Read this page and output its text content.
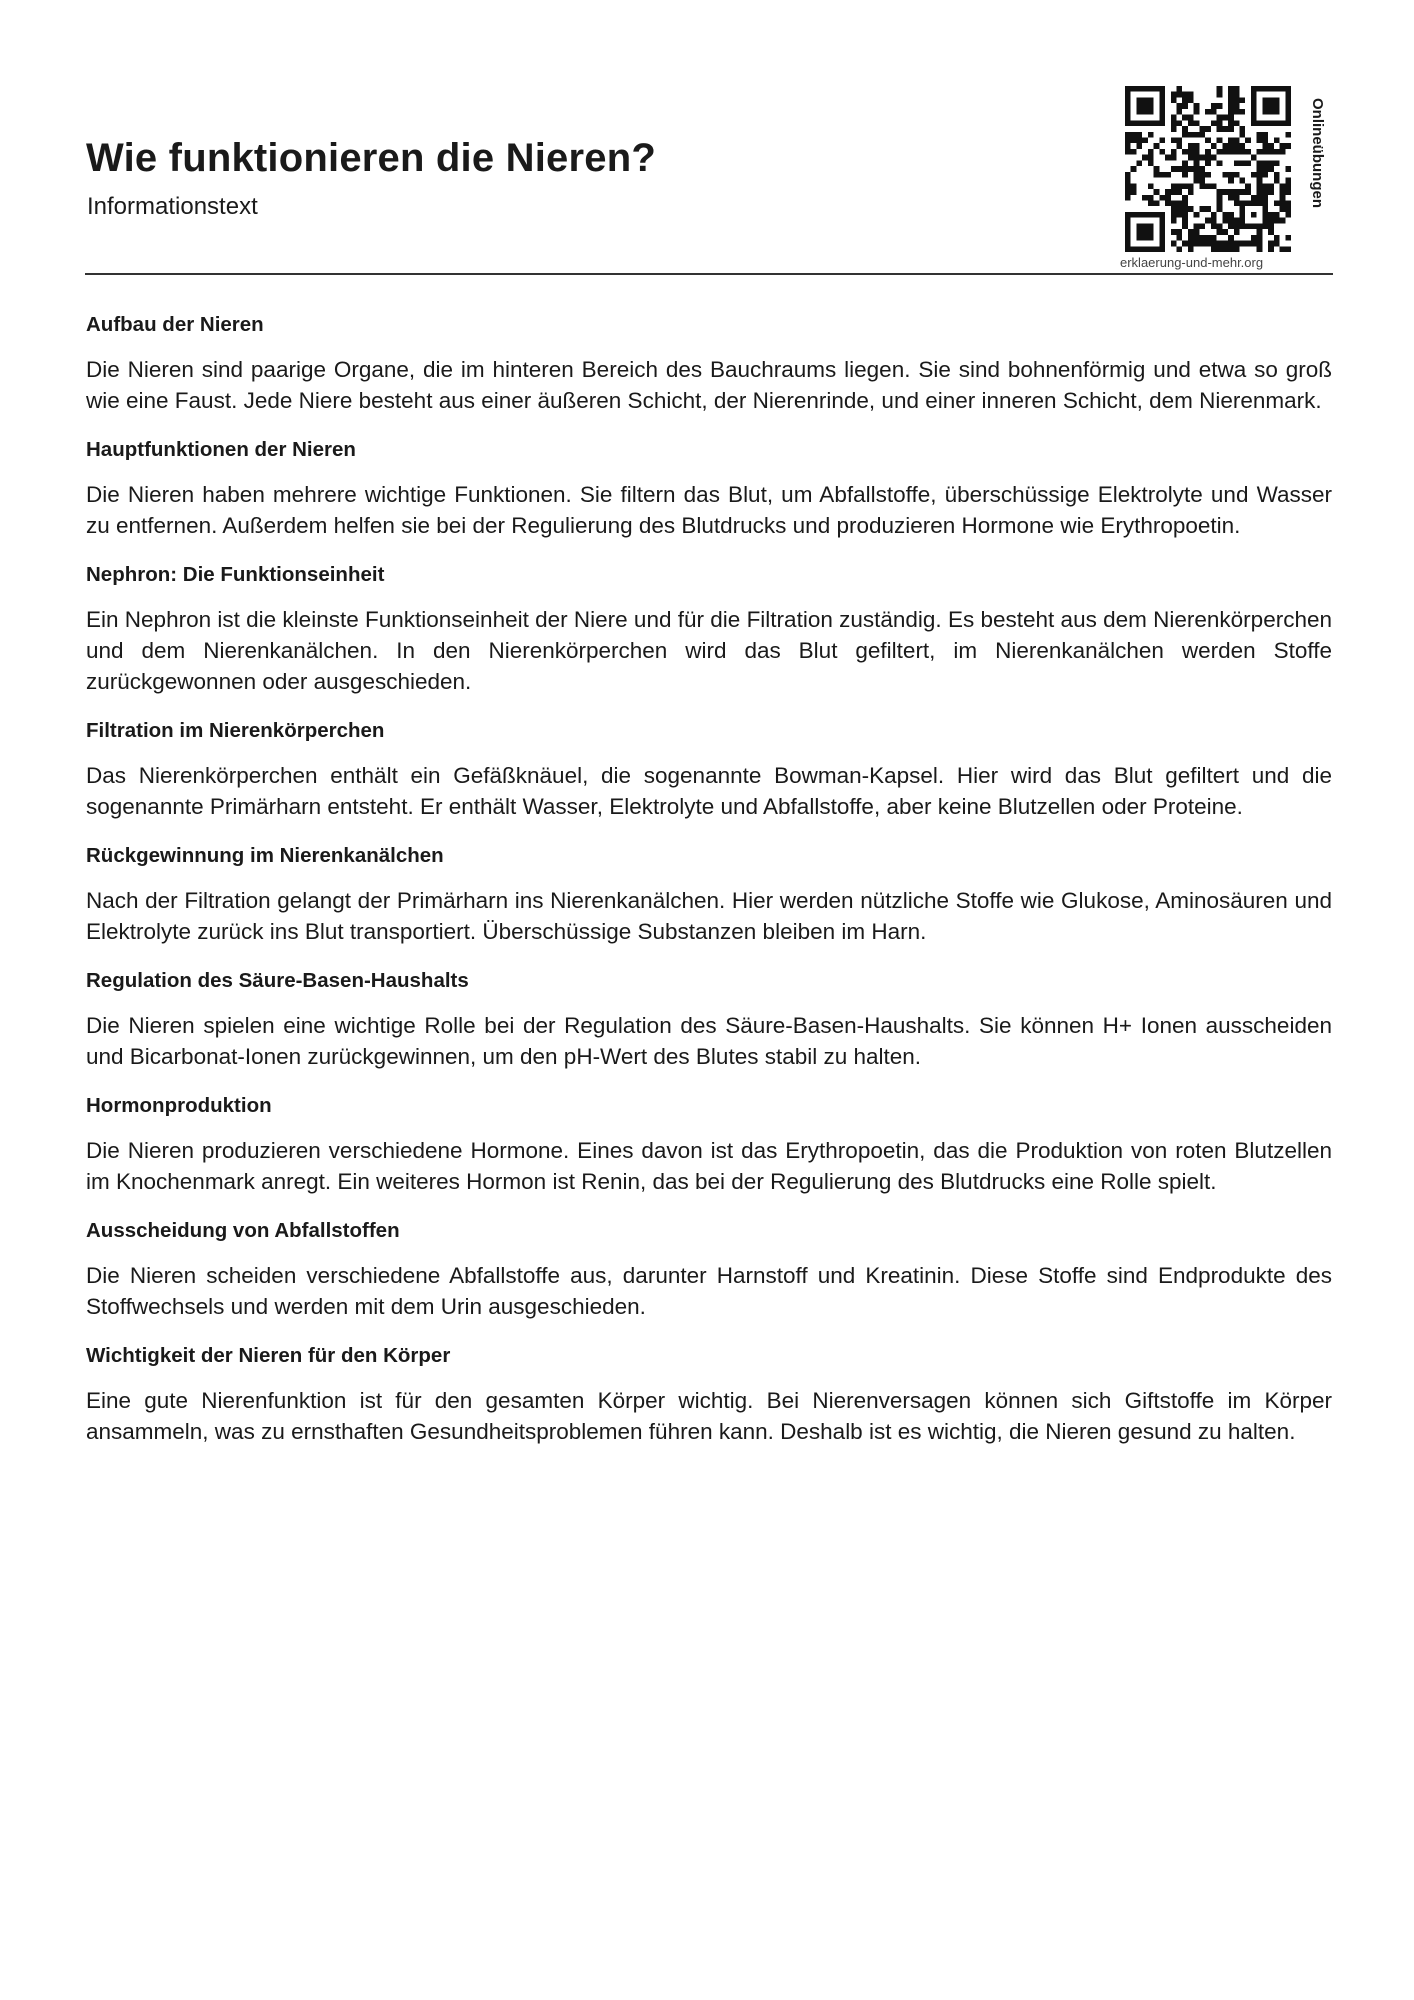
Wie funktionieren die Nieren?
Informationstext	Onlineübungen
erklaerung-und-mehr.org
Aufbau der Nieren

Die Nieren sind paarige Organe, die im hinteren Bereich des Bauchraums liegen. Sie sind bohnenförmig und etwa so groß wie eine Faust. Jede Niere besteht aus einer äußeren Schicht, der Nierenrinde, und einer inneren Schicht, dem Nierenmark.

Hauptfunktionen der Nieren

Die Nieren haben mehrere wichtige Funktionen. Sie filtern das Blut, um Abfallstoffe, überschüssige Elektrolyte und Wasser zu entfernen. Außerdem helfen sie bei der Regulierung des Blutdrucks und produzieren Hormone wie Erythropoetin.

Nephron: Die Funktionseinheit

Ein Nephron ist die kleinste Funktionseinheit der Niere und für die Filtration zuständig. Es besteht aus dem Nierenkörperchen und dem Nierenkanälchen. In den Nierenkörperchen wird das Blut gefiltert, im Nierenkanälchen werden Stoffe zurückgewonnen oder ausgeschieden.

Filtration im Nierenkörperchen

Das Nierenkörperchen enthält ein Gefäßknäuel, die sogenannte Bowman-Kapsel. Hier wird das Blut gefiltert und die sogenannte Primärharn entsteht. Er enthält Wasser, Elektrolyte und Abfallstoffe, aber keine Blutzellen oder Proteine.

Rückgewinnung im Nierenkanälchen

Nach der Filtration gelangt der Primärharn ins Nierenkanälchen. Hier werden nützliche Stoffe wie Glukose, Aminosäuren und Elektrolyte zurück ins Blut transportiert. Überschüssige Substanzen bleiben im Harn.

Regulation des Säure-Basen-Haushalts

Die Nieren spielen eine wichtige Rolle bei der Regulation des Säure-Basen-Haushalts. Sie können H+ Ionen ausscheiden und Bicarbonat-Ionen zurückgewinnen, um den pH-Wert des Blutes stabil zu halten.

Hormonproduktion

Die Nieren produzieren verschiedene Hormone. Eines davon ist das Erythropoetin, das die Produktion von roten Blutzellen im Knochenmark anregt. Ein weiteres Hormon ist Renin, das bei der Regulierung des Blutdrucks eine Rolle spielt.

Ausscheidung von Abfallstoffen

Die Nieren scheiden verschiedene Abfallstoffe aus, darunter Harnstoff und Kreatinin. Diese Stoffe sind Endprodukte des Stoffwechsels und werden mit dem Urin ausgeschieden.

Wichtigkeit der Nieren für den Körper

Eine gute Nierenfunktion ist für den gesamten Körper wichtig. Bei Nierenversagen können sich Giftstoffe im Körper ansammeln, was zu ernsthaften Gesundheitsproblemen führen kann. Deshalb ist es wichtig, die Nieren gesund zu halten.
